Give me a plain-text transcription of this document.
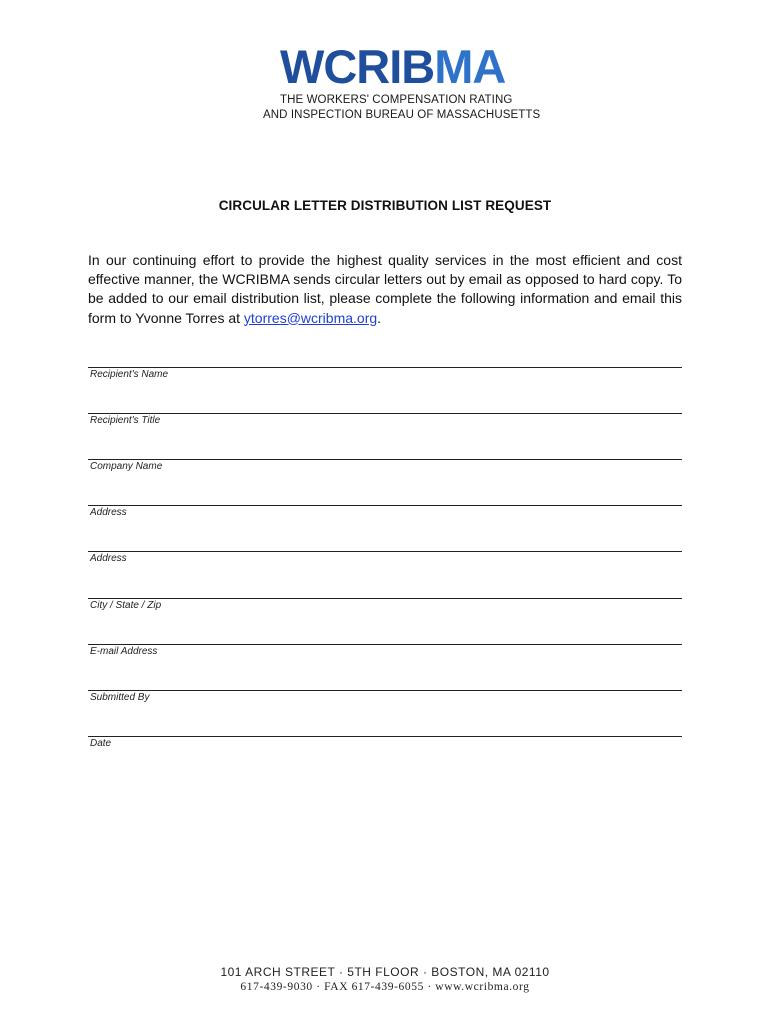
WCRIBMA
THE WORKERS' COMPENSATION RATING
AND INSPECTION BUREAU OF MASSACHUSETTS
CIRCULAR LETTER DISTRIBUTION LIST REQUEST

In our continuing effort to provide the highest quality services in the most efficient and cost effective manner, the WCRIBMA sends circular letters out by email as opposed to hard copy. To be added to our email distribution list, please complete the following information and email this form to Yvonne Torres at ytorres@wcribma.org.

Recipient's Name
Recipient's Title
Company Name
Address
Address
City / State / Zip
E-mail Address
Submitted By
Date
101 ARCH STREET · 5TH FLOOR · BOSTON, MA 02110
617-439-9030 · FAX 617-439-6055 · www.wcribma.org
